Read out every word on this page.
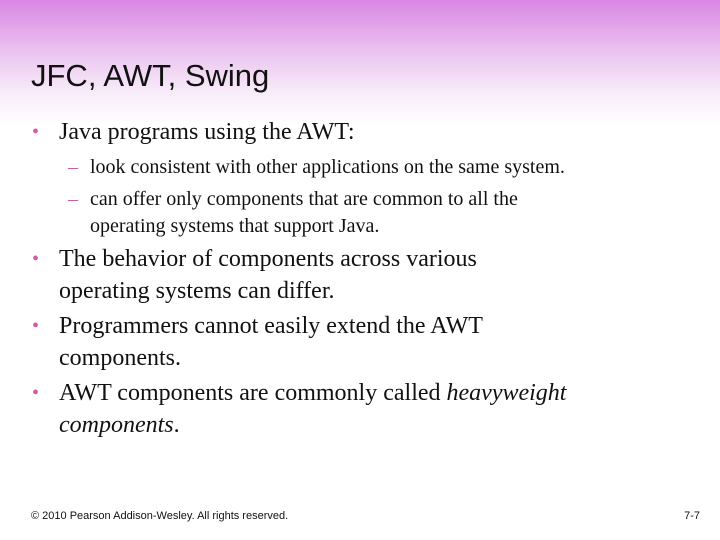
JFC, AWT, Swing
• Java programs using the AWT:
– look consistent with other applications on the same system.
– can offer only components that are common to all the
operating systems that support Java.
• The behavior of components across various
operating systems can differ.
• Programmers cannot easily extend the AWT
components.
• AWT components are commonly called heavyweight
components.
© 2010 Pearson Addison-Wesley. All rights reserved.	7-7
